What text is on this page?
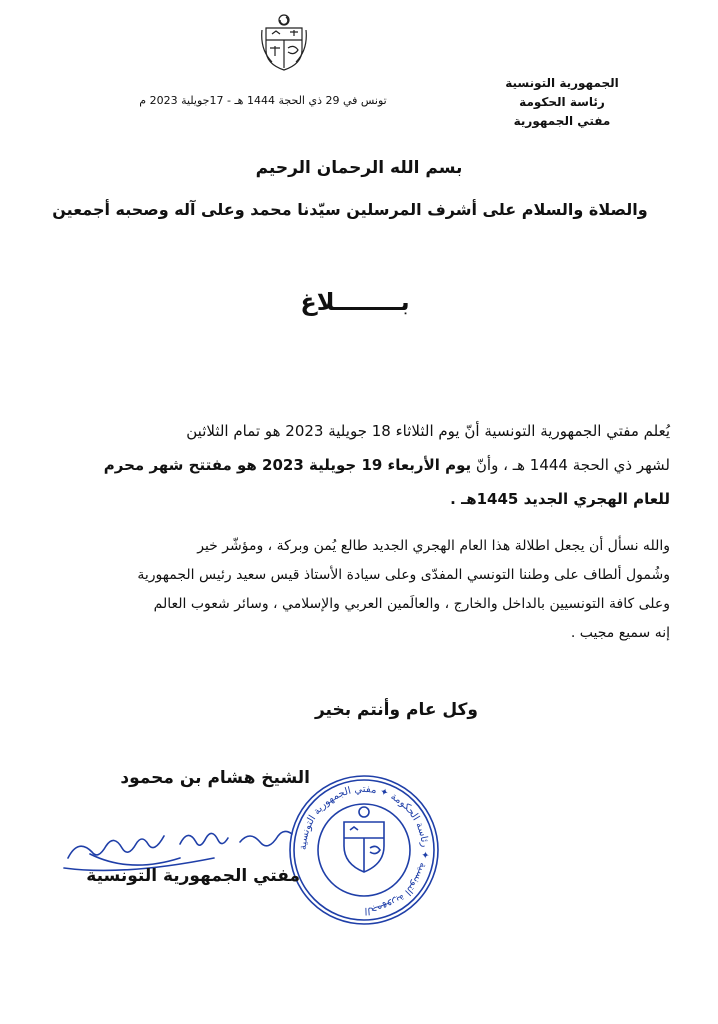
الجمهورية التونسية
رئاسة الحكومة
مفتي الجمهورية
تونس في 29 ذي الحجة 1444 هـ - 17جويلية 2023 م
بسم الله الرحمان الرحيم
والصلاة والسلام على أشرف المرسلين سيّدنا محمد وعلى آله وصحبه أجمعين
بــــــــلاغ
يُعلم مفتي الجمهورية التونسية أنّ يوم الثلاثاء 18 جويلية 2023 هو تمام الثلاثين
لشهر ذي الحجة 1444 هـ ، وأنّ يوم الأربعاء 19 جويلية 2023 هو مفتتح شهر محرم
للعام الهجري الجديد 1445هـ .
والله نسأل أن يجعل اطلالة هذا العام الهجري الجديد طالع يُمن وبركة ، ومؤشّر خير
وشُمول ألطاف على وطننا التونسي المفدّى وعلى سيادة الأستاذ قيس سعيد رئيس الجمهورية
وعلى كافة التونسيين بالداخل والخارج ، والعالَمين العربي والإسلامي ، وسائر شعوب العالم
إنه سميع مجيب .
وكل عام وأنتم بخير
الشيخ هشام بن محمود
الجمهورية التونسية ✦ رئاسة الحكومة ✦ مفتي الجمهورية التونسية
مفتي الجمهورية التونسية
